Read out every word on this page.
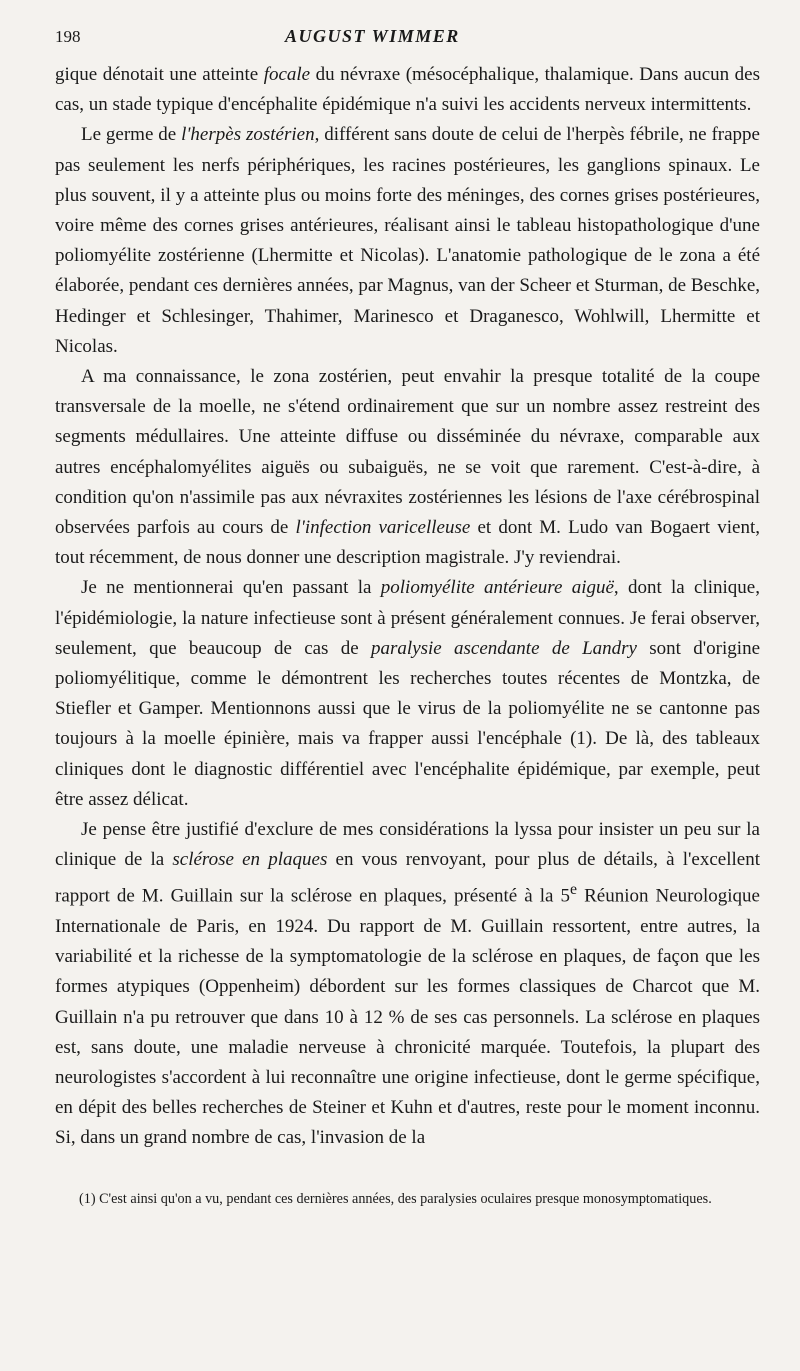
198	AUGUST WIMMER

gique dénotait une atteinte focale du névraxe (mésocéphalique, thalamique. Dans aucun des cas, un stade typique d'encéphalite épidémique n'a suivi les accidents nerveux intermittents.

Le germe de l'herpès zostérien, différent sans doute de celui de l'herpès fébrile, ne frappe pas seulement les nerfs périphériques, les racines postérieures, les ganglions spinaux. Le plus souvent, il y a atteinte plus ou moins forte des méninges, des cornes grises postérieures, voire même des cornes grises antérieures, réalisant ainsi le tableau histopathologique d'une poliomyélite zostérienne (Lhermitte et Nicolas). L'anatomie pathologique de le zona a été élaborée, pendant ces dernières années, par Magnus, van der Scheer et Sturman, de Beschke, Hedinger et Schlesinger, Thahimer, Marinesco et Draganesco, Wohlwill, Lhermitte et Nicolas.

A ma connaissance, le zona zostérien, peut envahir la presque totalité de la coupe transversale de la moelle, ne s'étend ordinairement que sur un nombre assez restreint des segments médullaires. Une atteinte diffuse ou disséminée du névraxe, comparable aux autres encéphalomyélites aiguës ou subaiguës, ne se voit que rarement. C'est-à-dire, à condition qu'on n'assimile pas aux névraxites zostériennes les lésions de l'axe cérébrospinal observées parfois au cours de l'infection varicelleuse et dont M. Ludo van Bogaert vient, tout récemment, de nous donner une description magistrale. J'y reviendrai.

Je ne mentionnerai qu'en passant la poliomyélite antérieure aiguë, dont la clinique, l'épidémiologie, la nature infectieuse sont à présent généralement connues. Je ferai observer, seulement, que beaucoup de cas de paralysie ascendante de Landry sont d'origine poliomyélitique, comme le démontrent les recherches toutes récentes de Montzka, de Stiefler et Gamper. Mentionnons aussi que le virus de la poliomyélite ne se cantonne pas toujours à la moelle épinière, mais va frapper aussi l'encéphale (1). De là, des tableaux cliniques dont le diagnostic différentiel avec l'encéphalite épidémique, par exemple, peut être assez délicat.

Je pense être justifié d'exclure de mes considérations la lyssa pour insister un peu sur la clinique de la sclérose en plaques en vous renvoyant, pour plus de détails, à l'excellent rapport de M. Guillain sur la sclérose en plaques, présenté à la 5e Réunion Neurologique Internationale de Paris, en 1924. Du rapport de M. Guillain ressortent, entre autres, la variabilité et la richesse de la symptomatologie de la sclérose en plaques, de façon que les formes atypiques (Oppenheim) débordent sur les formes classiques de Charcot que M. Guillain n'a pu retrouver que dans 10 à 12 % de ses cas personnels. La sclérose en plaques est, sans doute, une maladie nerveuse à chronicité marquée. Toutefois, la plupart des neurologistes s'accordent à lui reconnaître une origine infectieuse, dont le germe spécifique, en dépit des belles recherches de Steiner et Kuhn et d'autres, reste pour le moment inconnu. Si, dans un grand nombre de cas, l'invasion de la

(1) C'est ainsi qu'on a vu, pendant ces dernières années, des paralysies oculaires presque monosymptomatiques.
